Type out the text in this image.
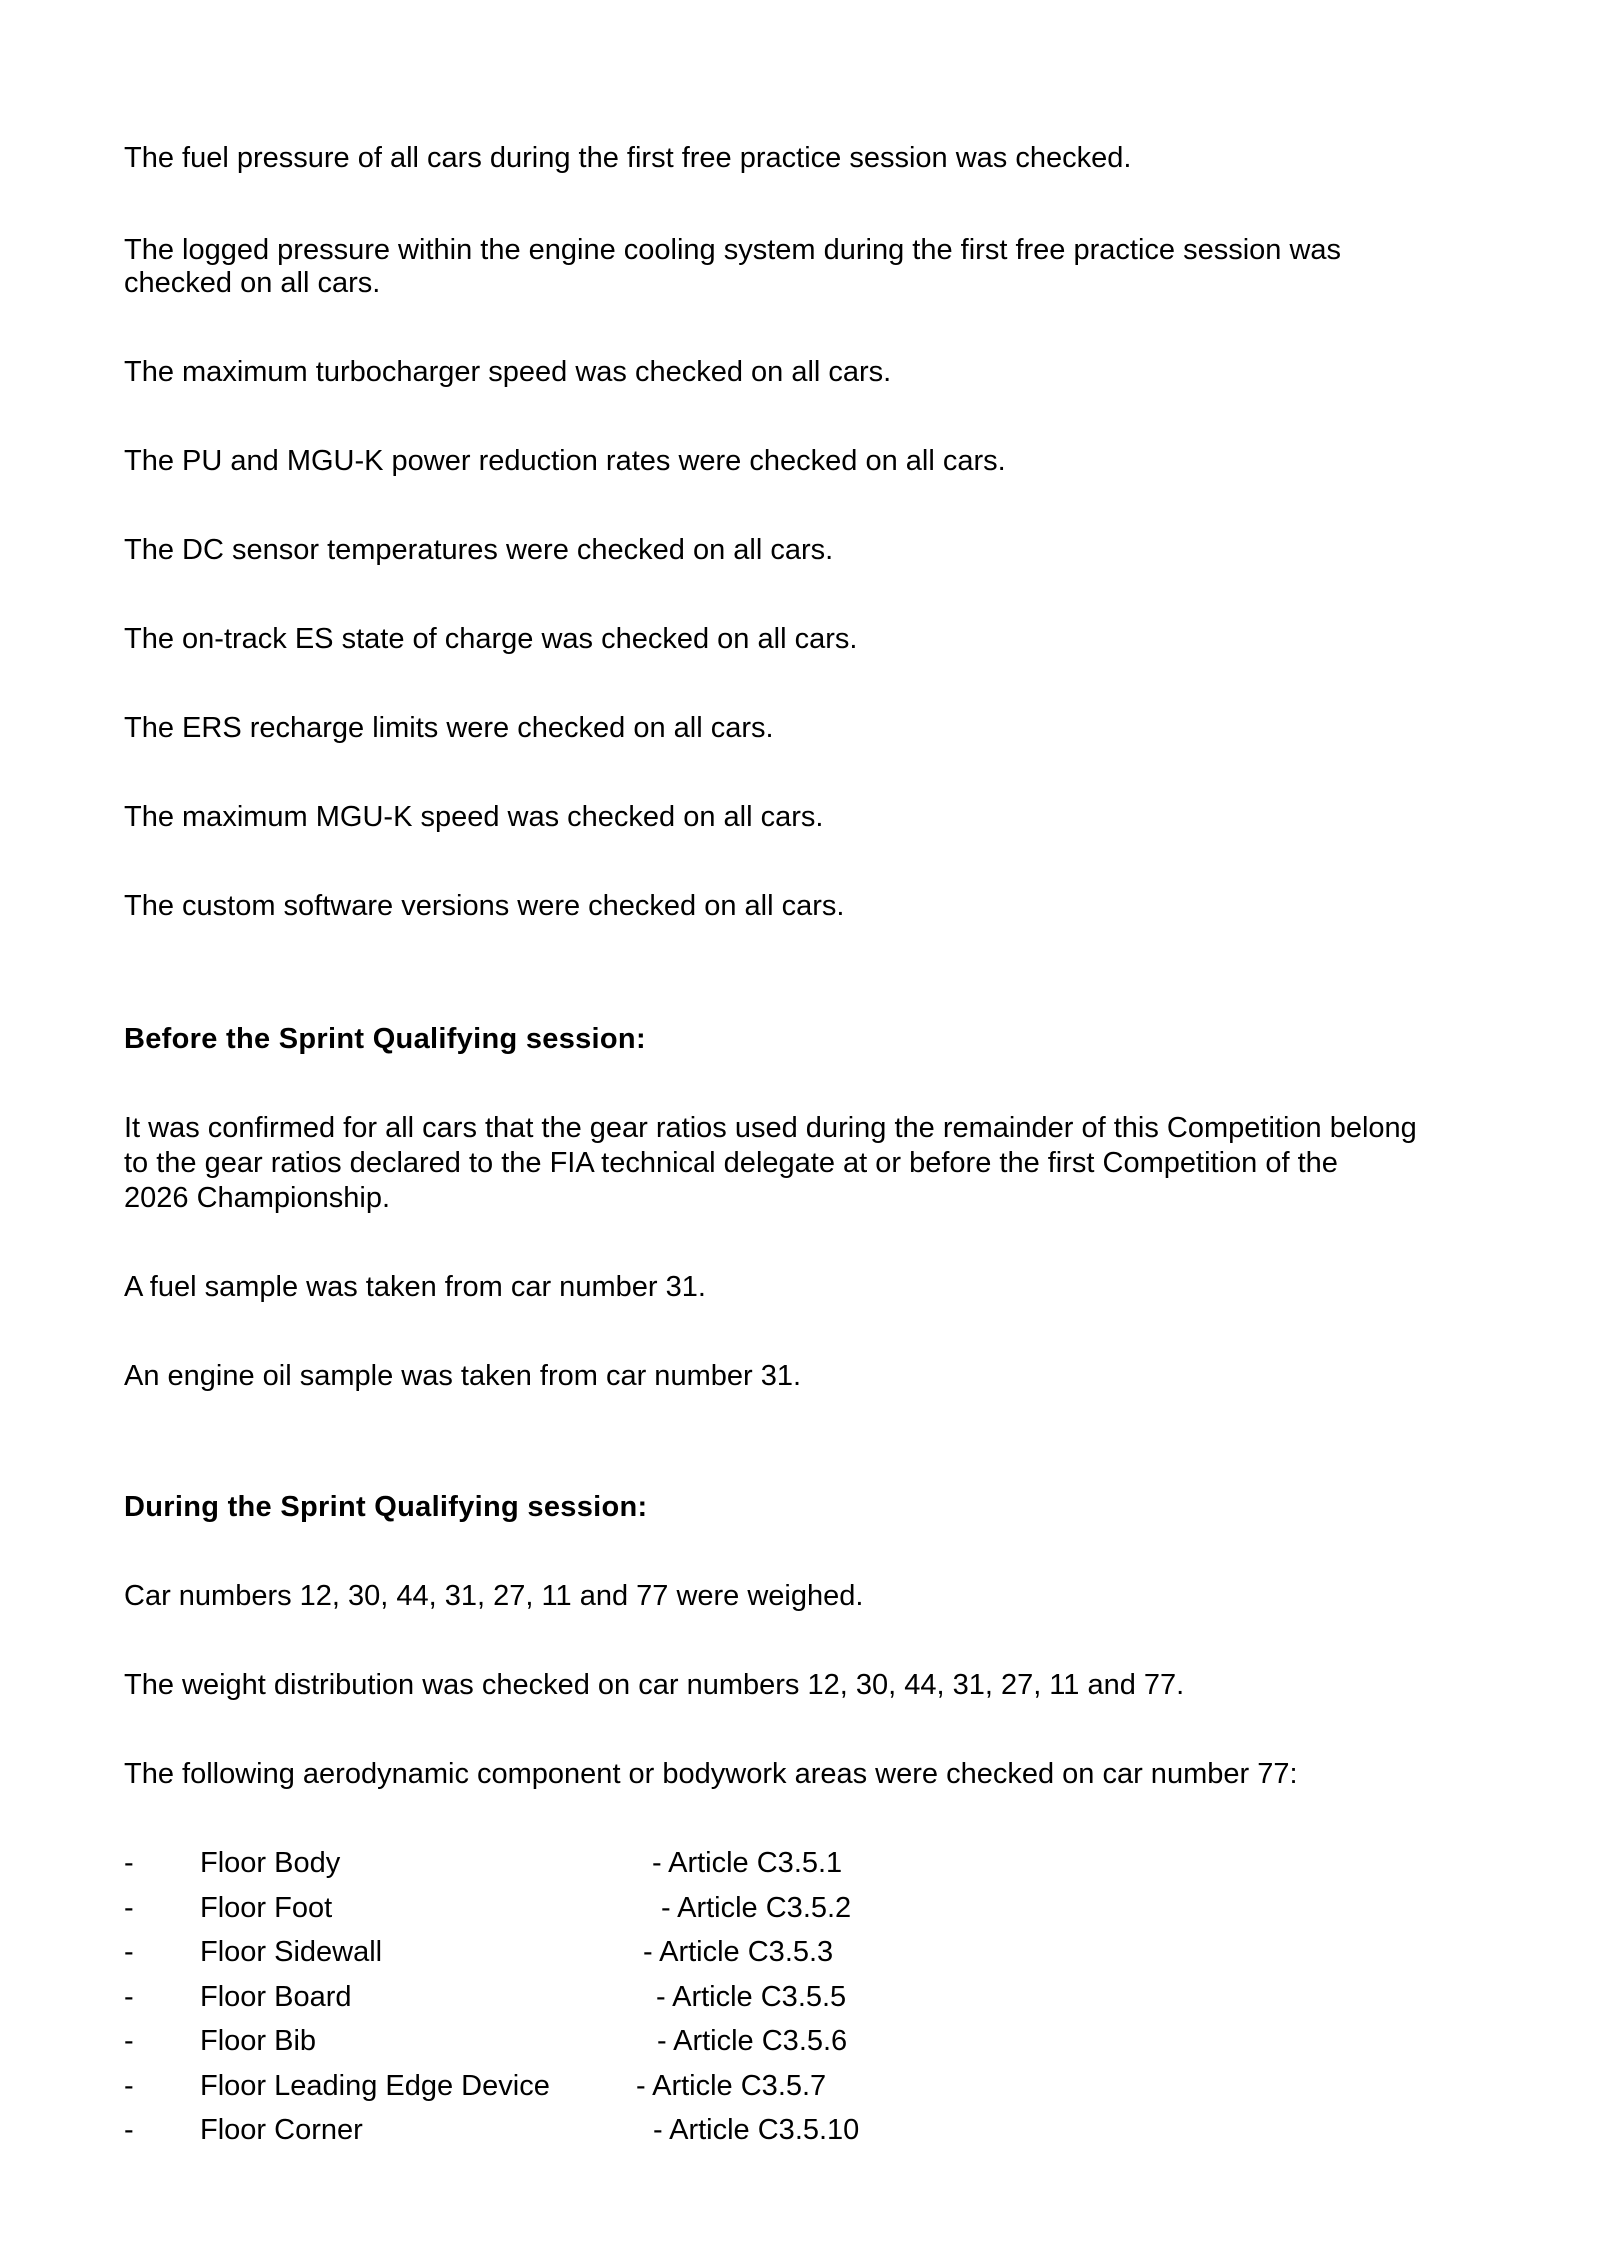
The fuel pressure of all cars during the first free practice session was checked.

The logged pressure within the engine cooling system during the first free practice session was

checked on all cars.

The maximum turbocharger speed was checked on all cars.

The PU and MGU-K power reduction rates were checked on all cars.

The DC sensor temperatures were checked on all cars.

The on-track ES state of charge was checked on all cars.

The ERS recharge limits were checked on all cars.

The maximum MGU-K speed was checked on all cars.

The custom software versions were checked on all cars.

Before the Sprint Qualifying session:

It was confirmed for all cars that the gear ratios used during the remainder of this Competition belong

to the gear ratios declared to the FIA technical delegate at or before the first Competition of the

2026 Championship.

A fuel sample was taken from car number 31.

An engine oil sample was taken from car number 31.

During the Sprint Qualifying session:

Car numbers 12, 30, 44, 31, 27, 11 and 77 were weighed.

The weight distribution was checked on car numbers 12, 30, 44, 31, 27, 11 and 77.

The following aerodynamic component or bodywork areas were checked on car number 77:

- Floor Body	- Article C3.5.1
- Floor Foot	- Article C3.5.2
- Floor Sidewall	- Article C3.5.3
- Floor Board	- Article C3.5.5
- Floor Bib	- Article C3.5.6
- Floor Leading Edge Device	- Article C3.5.7
- Floor Corner	- Article C3.5.10
